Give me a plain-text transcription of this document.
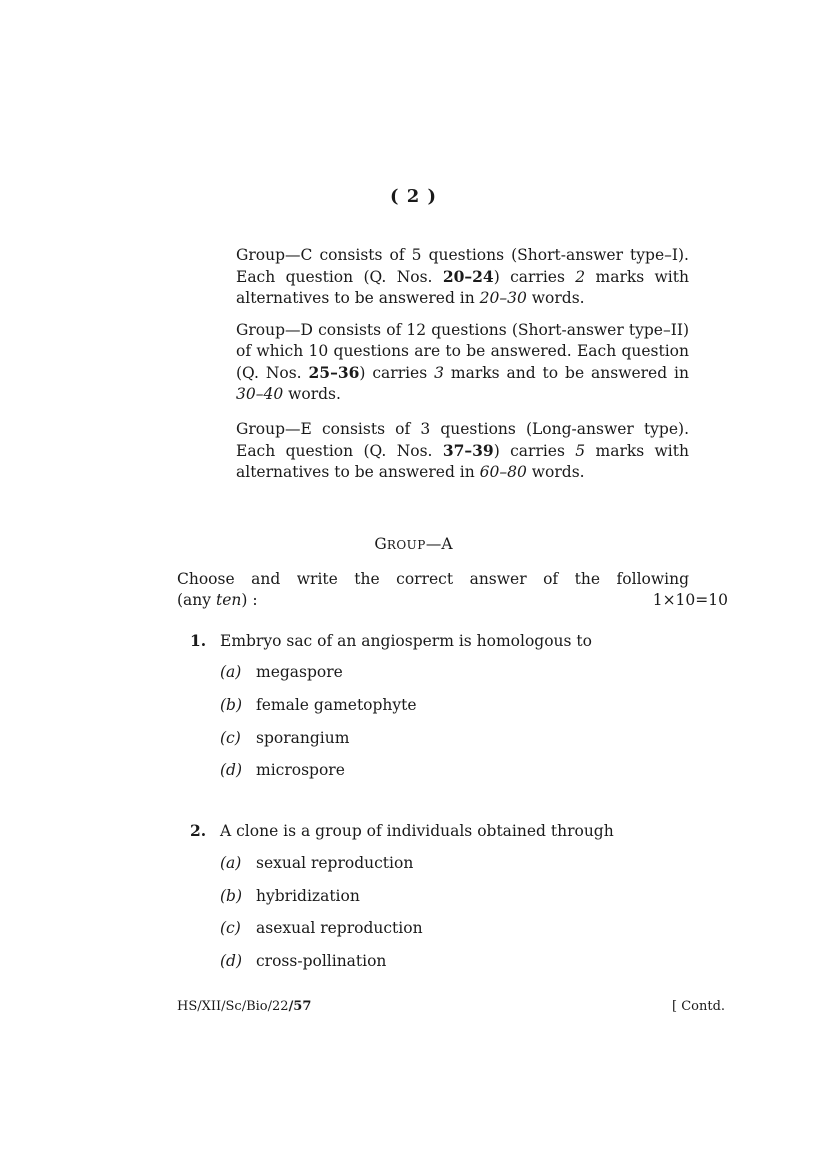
( 2 )
Group—C consists of 5 questions (Short-answer type–I). Each question (Q. Nos. 20–24) carries 2 marks with alternatives to be answered in 20–30 words.
Group—D consists of 12 questions (Short-answer type–II) of which 10 questions are to be answered. Each question (Q. Nos. 25–36) carries 3 marks and to be answered in 30–40 words.
Group—E consists of 3 questions (Long-answer type). Each question (Q. Nos. 37–39) carries 5 marks with alternatives to be answered in 60–80 words.
GROUP—A
Choose and write the correct answer of the following
(any ten) :	1×10=10
1. Embryo sac of an angiosperm is homologous to
(a) megaspore
(b) female gametophyte
(c) sporangium
(d) microspore
2. A clone is a group of individuals obtained through
(a) sexual reproduction
(b) hybridization
(c) asexual reproduction
(d) cross-pollination
HS/XII/Sc/Bio/22/57	[ Contd.
